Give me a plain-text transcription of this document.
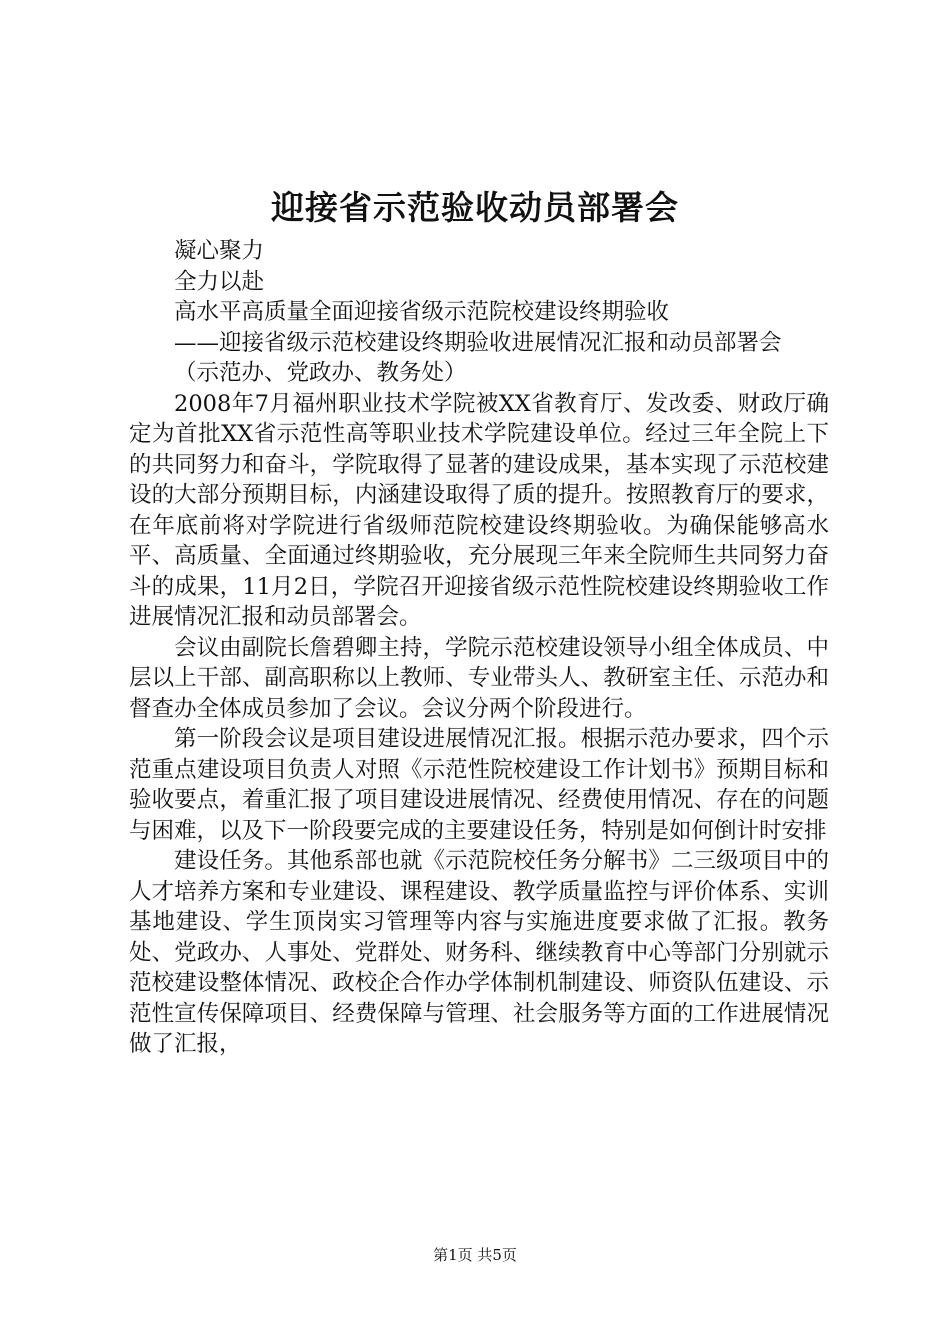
迎接省示范验收动员部署会

凝心聚力

全力以赴

高水平高质量全面迎接省级示范院校建设终期验收

——迎接省级示范校建设终期验收进展情况汇报和动员部署会

（示范办、党政办、教务处）

2008年7月福州职业技术学院被XX省教育厅、发改委、财政厅确定为首批XX省示范性高等职业技术学院建设单位。经过三年全院上下的共同努力和奋斗，学院取得了显著的建设成果，基本实现了示范校建设的大部分预期目标，内涵建设取得了质的提升。按照教育厅的要求，在年底前将对学院进行省级师范院校建设终期验收。为确保能够高水平、高质量、全面通过终期验收，充分展现三年来全院师生共同努力奋斗的成果，11月2日，学院召开迎接省级示范性院校建设终期验收工作进展情况汇报和动员部署会。

会议由副院长詹碧卿主持，学院示范校建设领导小组全体成员、中层以上干部、副高职称以上教师、专业带头人、教研室主任、示范办和督查办全体成员参加了会议。会议分两个阶段进行。

第一阶段会议是项目建设进展情况汇报。根据示范办要求，四个示范重点建设项目负责人对照《示范性院校建设工作计划书》预期目标和验收要点，着重汇报了项目建设进展情况、经费使用情况、存在的问题与困难，以及下一阶段要完成的主要建设任务，特别是如何倒计时安排

建设任务。其他系部也就《示范院校任务分解书》二三级项目中的人才培养方案和专业建设、课程建设、教学质量监控与评价体系、实训基地建设、学生顶岗实习管理等内容与实施进度要求做了汇报。教务处、党政办、人事处、党群处、财务科、继续教育中心等部门分别就示范校建设整体情况、政校企合作办学体制机制建设、师资队伍建设、示范性宣传保障项目、经费保障与管理、社会服务等方面的工作进展情况做了汇报，

第1页 共5页
